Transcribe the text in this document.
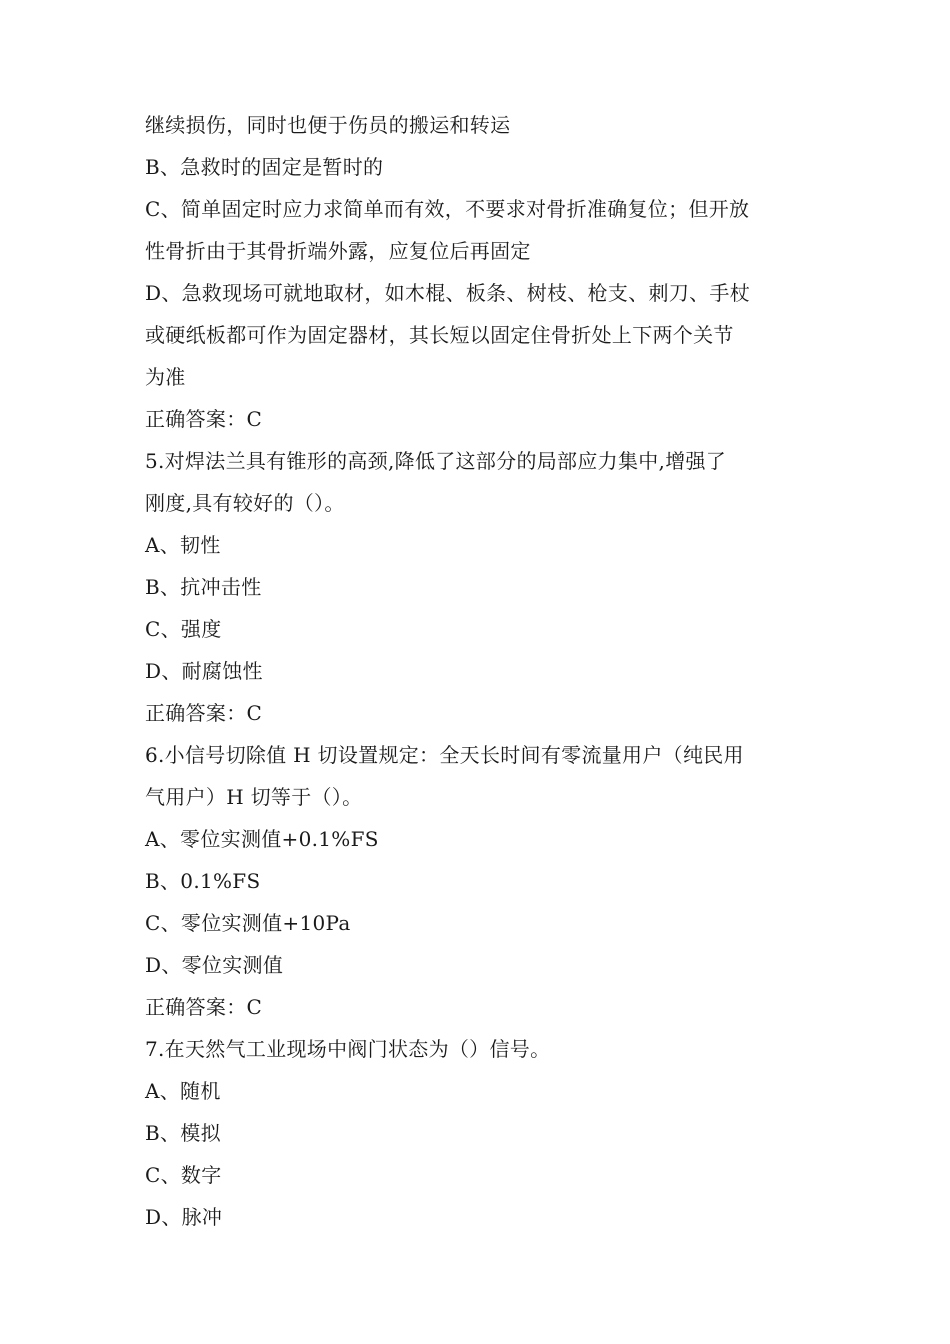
继续损伤，同时也便于伤员的搬运和转运
B、急救时的固定是暂时的
C、简单固定时应力求简单而有效，不要求对骨折准确复位；但开放
性骨折由于其骨折端外露，应复位后再固定
D、急救现场可就地取材，如木棍、板条、树枝、枪支、刺刀、手杖
或硬纸板都可作为固定器材，其长短以固定住骨折处上下两个关节
为准
正确答案：C
5.对焊法兰具有锥形的高颈,降低了这部分的局部应力集中,增强了
刚度,具有较好的（）。
A、韧性
B、抗冲击性
C、强度
D、耐腐蚀性
正确答案：C
6.小信号切除值 H 切设置规定：全天长时间有零流量用户（纯民用
气用户）H 切等于（）。
A、零位实测值+0.1%FS
B、0.1%FS
C、零位实测值+10Pa
D、零位实测值
正确答案：C
7.在天然气工业现场中阀门状态为（）信号。
A、随机
B、模拟
C、数字
D、脉冲
